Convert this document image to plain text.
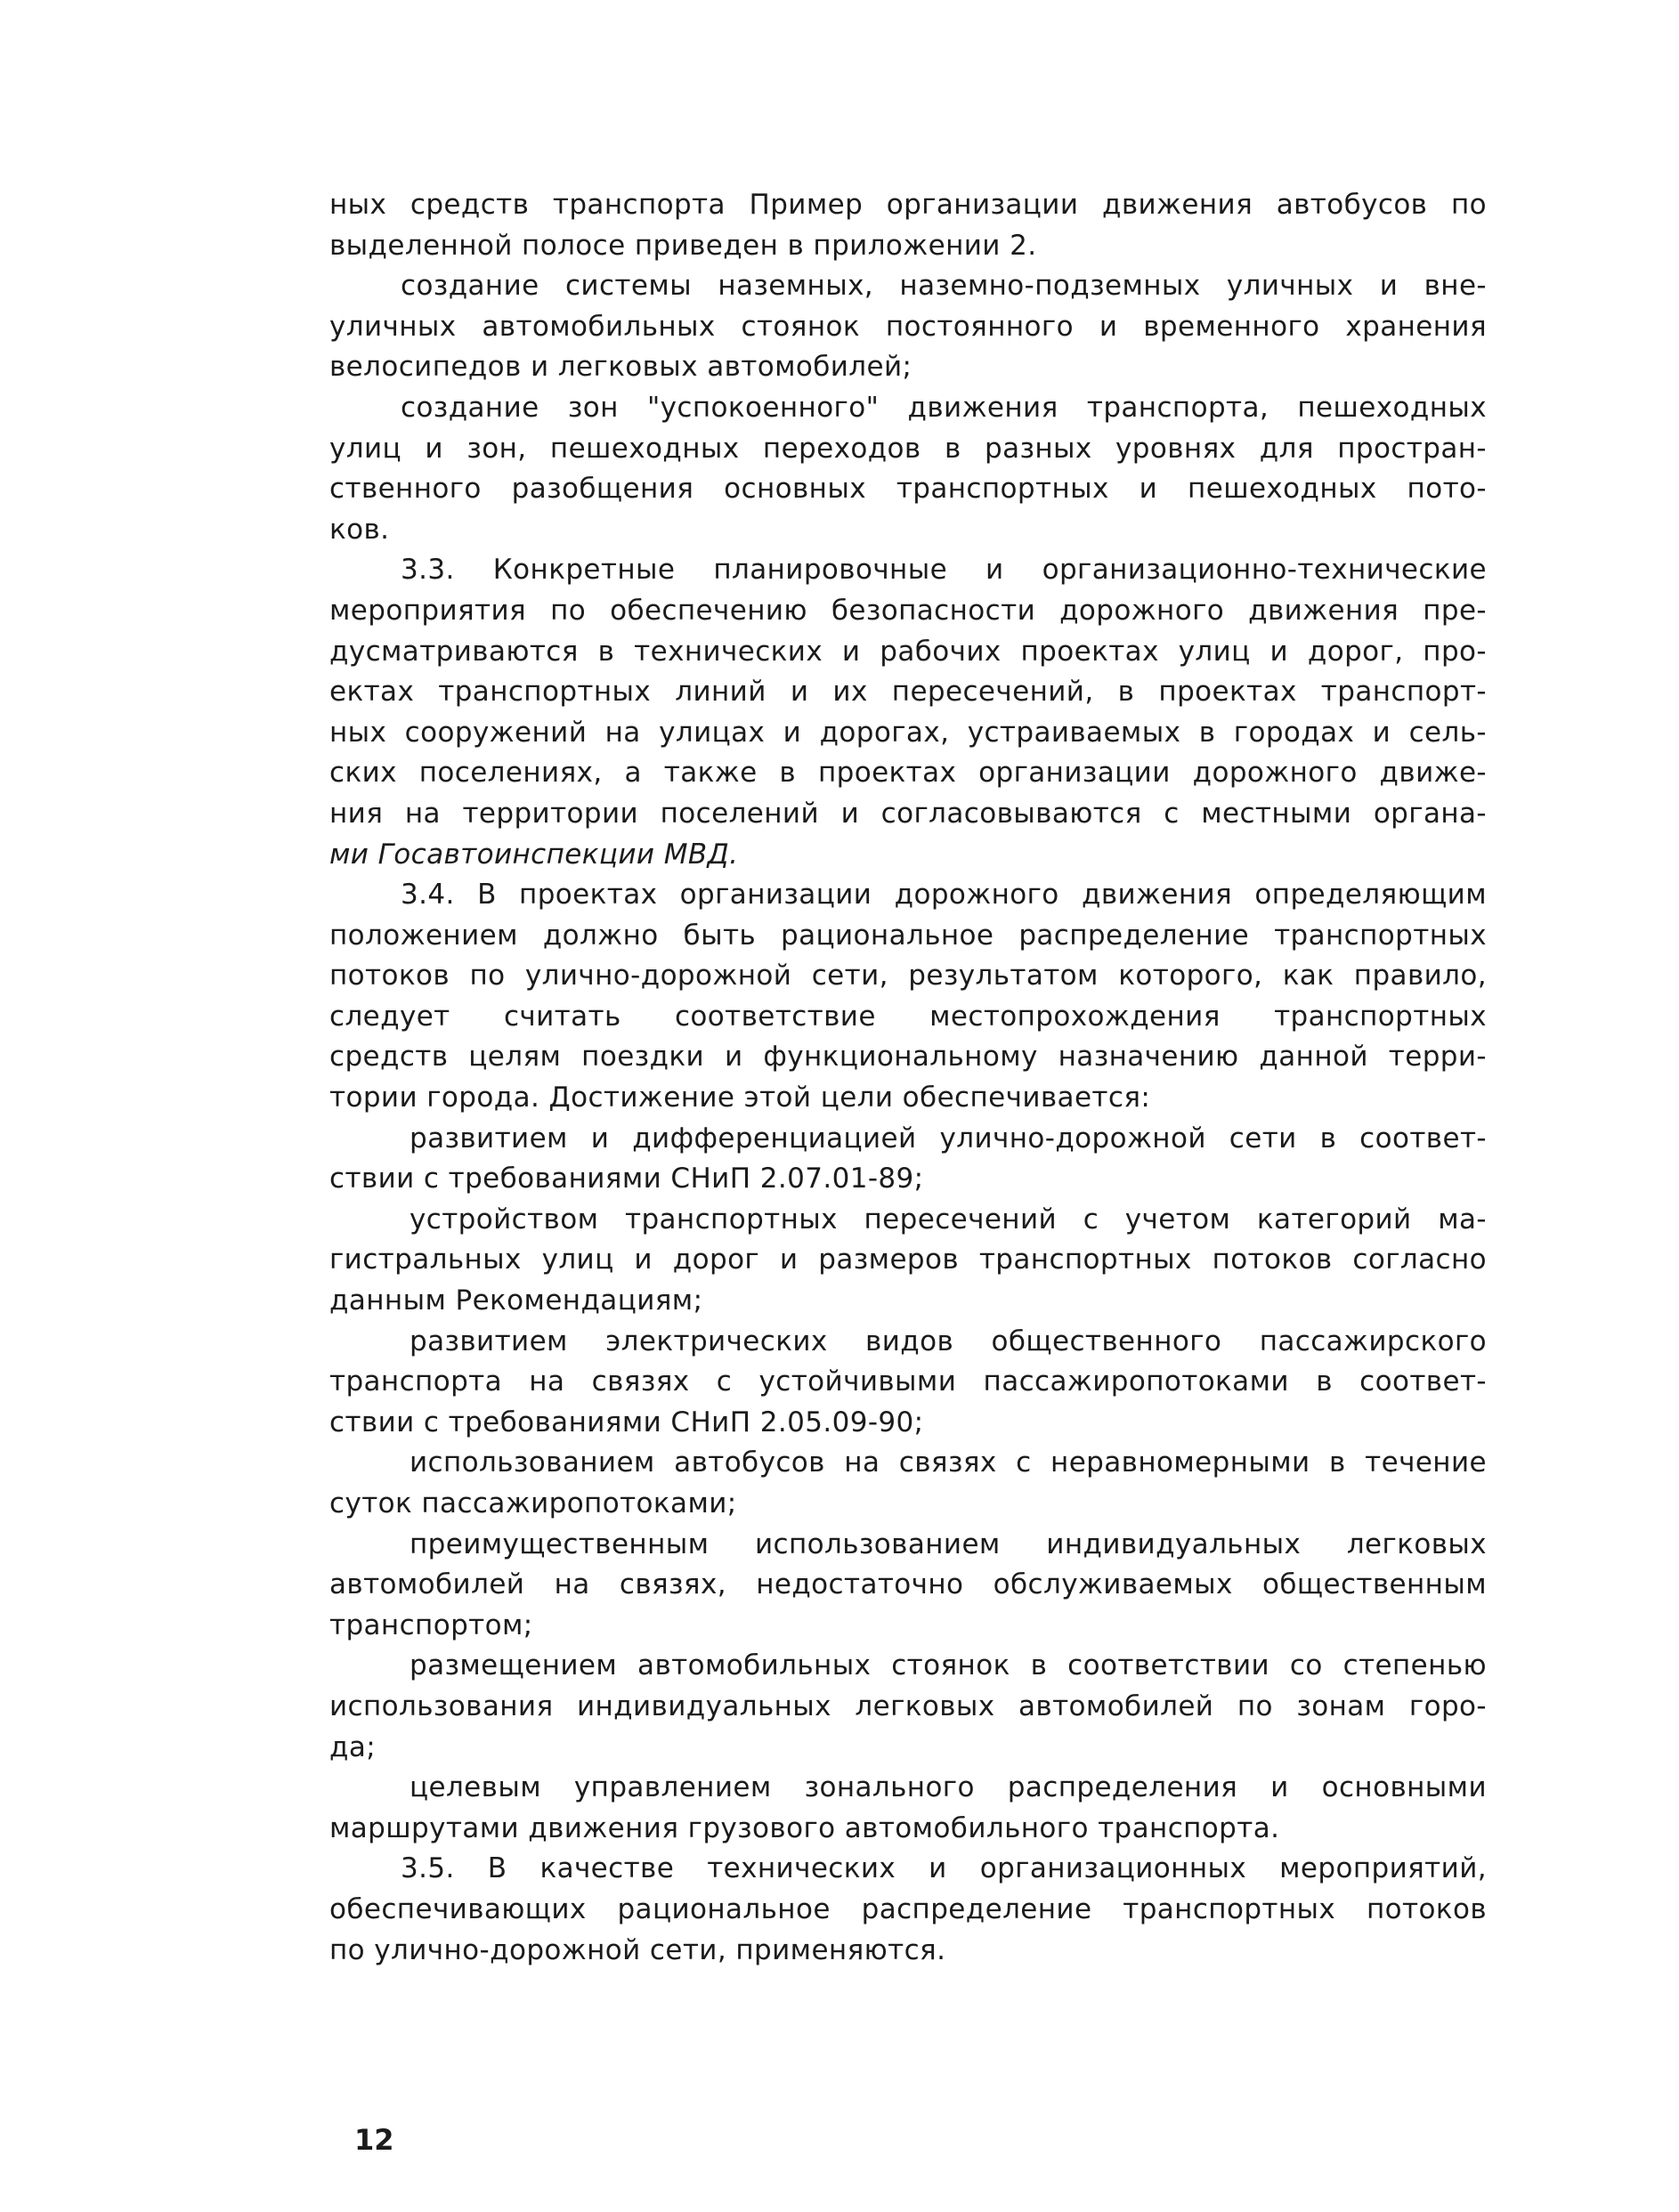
ных средств транспорта Пример организации движения автобусов по
выделенной полосе приведен в приложении 2.
создание системы наземных, наземно-подземных уличных и вне-
уличных автомобильных стоянок постоянного и временного хранения
велосипедов и легковых автомобилей;
создание зон "успокоенного" движения транспорта, пешеходных
улиц и зон, пешеходных переходов в разных уровнях для простран-
ственного разобщения основных транспортных и пешеходных пото-
ков.
3.3. Конкретные планировочные и организационно-технические
мероприятия по обеспечению безопасности дорожного движения пре-
дусматриваются в технических и рабочих проектах улиц и дорог, про-
ектах транспортных линий и их пересечений, в проектах транспорт-
ных сооружений на улицах и дорогах, устраиваемых в городах и сель-
ских поселениях, а также в проектах организации дорожного движе-
ния на территории поселений и согласовываются с местными органа-
ми Госавтоинспекции МВД.
3.4. В проектах организации дорожного движения определяющим
положением должно быть рациональное распределение транспортных
потоков по улично-дорожной сети, результатом которого, как правило,
следует считать соответствие местопрохождения транспортных
средств целям поездки и функциональному назначению данной терри-
тории города. Достижение этой цели обеспечивается:
развитием и дифференциацией улично-дорожной сети в соответ-
ствии с требованиями СНиП 2.07.01-89;
устройством транспортных пересечений с учетом категорий ма-
гистральных улиц и дорог и размеров транспортных потоков согласно
данным Рекомендациям;
развитием электрических видов общественного пассажирского
транспорта на связях с устойчивыми пассажиропотоками в соответ-
ствии с требованиями СНиП 2.05.09-90;
использованием автобусов на связях с неравномерными в течение
суток пассажиропотоками;
преимущественным использованием индивидуальных легковых
автомобилей на связях, недостаточно обслуживаемых общественным
транспортом;
размещением автомобильных стоянок в соответствии со степенью
использования индивидуальных легковых автомобилей по зонам горо-
да;
целевым управлением зонального распределения и основными
маршрутами движения грузового автомобильного транспорта.
3.5. В качестве технических и организационных мероприятий,
обеспечивающих рациональное распределение транспортных потоков
по улично-дорожной сети, применяются.
12
